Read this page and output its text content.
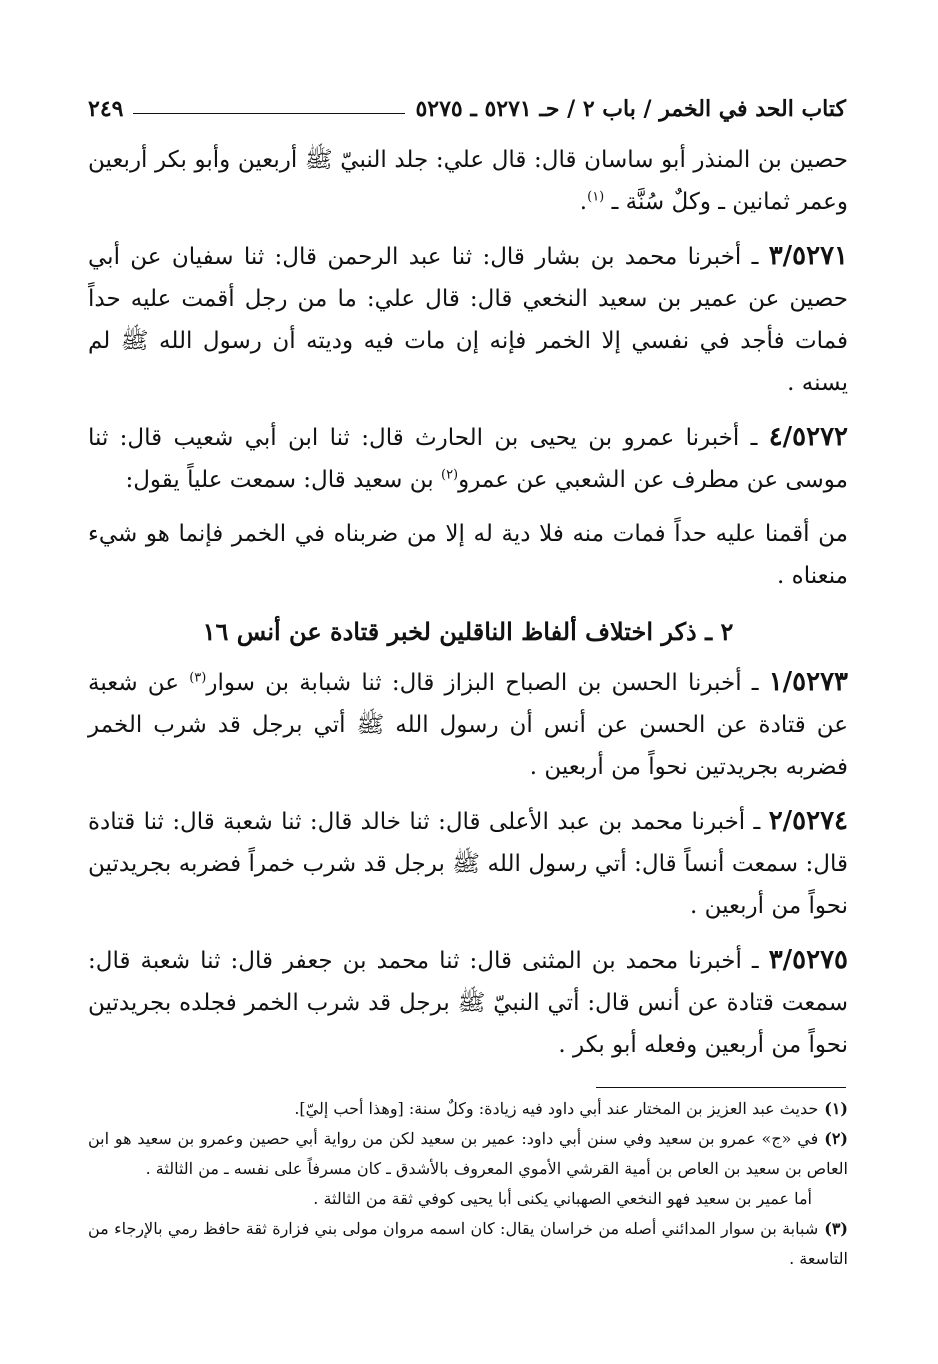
كتاب الحد في الخمر / باب ٢ / حـ ٥٢٧١ ـ ٥٢٧٥
٢٤٩

حصين بن المنذر أبو ساسان قال: قال علي: جلد النبيّ ﷺ أربعين وأبو بكر أربعين وعمر ثمانين ـ وكلٌ سُنَّة ـ $^{(١)}$.

٣/٥٢٧١ ـ أخبرنا محمد بن بشار قال: ثنا عبد الرحمن قال: ثنا سفيان عن أبي حصين عن عمير بن سعيد النخعي قال: قال علي: ما من رجل أقمت عليه حداً فمات فأجد في نفسي إلا الخمر فإنه إن مات فيه وديته أن رسول الله ﷺ لم يسنه .

٤/٥٢٧٢ ـ أخبرنا عمرو بن يحيى بن الحارث قال: ثنا ابن أبي شعيب قال: ثنا موسى عن مطرف عن الشعبي عن عمرو$^{(٢)}$ بن سعيد قال: سمعت علياً يقول:

من أقمنا عليه حداً فمات منه فلا دية له إلا من ضربناه في الخمر فإنما هو شيء منعناه .

٢ ـ ذكر اختلاف ألفاظ الناقلين لخبر قتادة عن أنس ١٦

١/٥٢٧٣ ـ أخبرنا الحسن بن الصباح البزاز قال: ثنا شبابة بن سوار$^{(٣)}$ عن شعبة عن قتادة عن الحسن عن أنس أن رسول الله ﷺ أتي برجل قد شرب الخمر فضربه بجريدتين نحواً من أربعين .

٢/٥٢٧٤ ـ أخبرنا محمد بن عبد الأعلى قال: ثنا خالد قال: ثنا شعبة قال: ثنا قتادة قال: سمعت أنساً قال: أتي رسول الله ﷺ برجل قد شرب خمراً فضربه بجريدتين نحواً من أربعين .

٣/٥٢٧٥ ـ أخبرنا محمد بن المثنى قال: ثنا محمد بن جعفر قال: ثنا شعبة قال: سمعت قتادة عن أنس قال: أتي النبيّ ﷺ برجل قد شرب الخمر فجلده بجريدتين نحواً من أربعين وفعله أبو بكر .

(١)حديث عبد العزيز بن المختار عند أبي داود فيه زيادة: وكلٌ سنة: [وهذا أحب إليّ].

(٢)في «ج» عمرو بن سعيد وفي سنن أبي داود: عمير بن سعيد لكن من رواية أبي حصين وعمرو بن سعيد هو ابن العاص بن سعيد بن العاص بن أمية القرشي الأموي المعروف بالأشدق ـ كان مسرفاً على نفسه ـ من الثالثة .

أما عمير بن سعيد فهو النخعي الصهباني يكنى أبا يحيى كوفي ثقة من الثالثة .

(٣)شبابة بن سوار المدائني أصله من خراسان يقال: كان اسمه مروان مولى بني فزارة ثقة حافظ رمي بالإرجاء من التاسعة .
